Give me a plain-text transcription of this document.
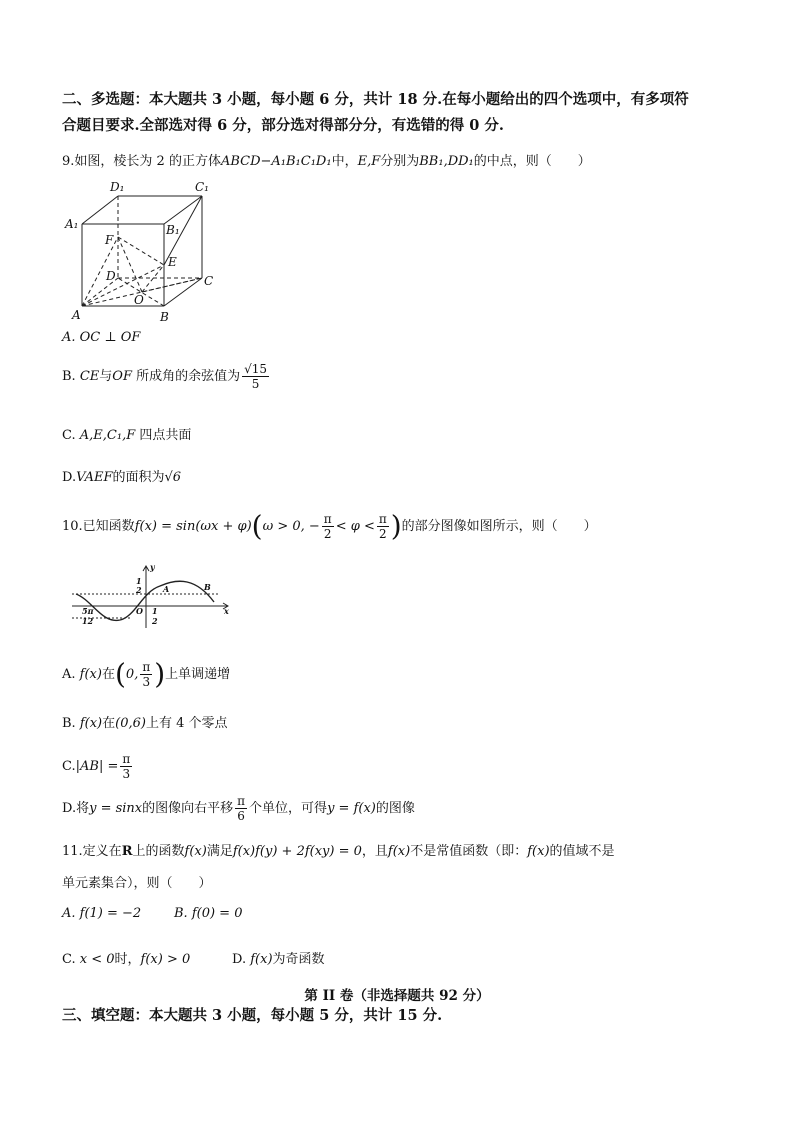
二、多选题：本大题共 3 小题，每小题 6 分，共计 18 分.在每小题给出的四个选项中，有多项符
合题目要求.全部选对得 6 分，部分选对得部分分，有选错的得 0 分.
9.如图，棱长为 2 的正方体ABCD−A₁B₁C₁D₁中，E,F分别为BB₁,DD₁的中点，则（　　）
D₁	C₁
A₁	B₁
F
E
D	C
O
A	B
A. OC ⊥ OF
B. CE与OF 所成角的余弦值为 $\frac{√15}{5}$
C. A,E,C₁,F 四点共面
D.VAEF的面积为√6
10.已知函数f(x) = sin(ωx + φ)(ω > 0, − $\frac{\pi}{2} < \varphi < \frac{\pi}{2}$ )的部分图像如图所示，则（　　）
y
x
1
2	A	B
O
5π
12
1
2
A. f(x)在(0, $\frac{\pi}{3}$ )上单调递增
B. f(x)在(0,6)上有 4 个零点
$C.|AB| = \frac{\pi}{3}$
D.将y = sinx的图像向右平移 $\frac{\pi}{6}$ 个单位，可得y = f(x)的图像
11.定义在R上的函数f(x)满足f(x)f(y) + 2f(xy) = 0，且f(x)不是常值函数（即：f(x)的值域不是
单元素集合），则（　　）
A. f(1) = −2	B. f(0) = 0
C. x < 0时，f(x) > 0	D. f(x)为奇函数
第 II 卷（非选择题共 92 分）
三、填空题：本大题共 3 小题，每小题 5 分，共计 15 分.
